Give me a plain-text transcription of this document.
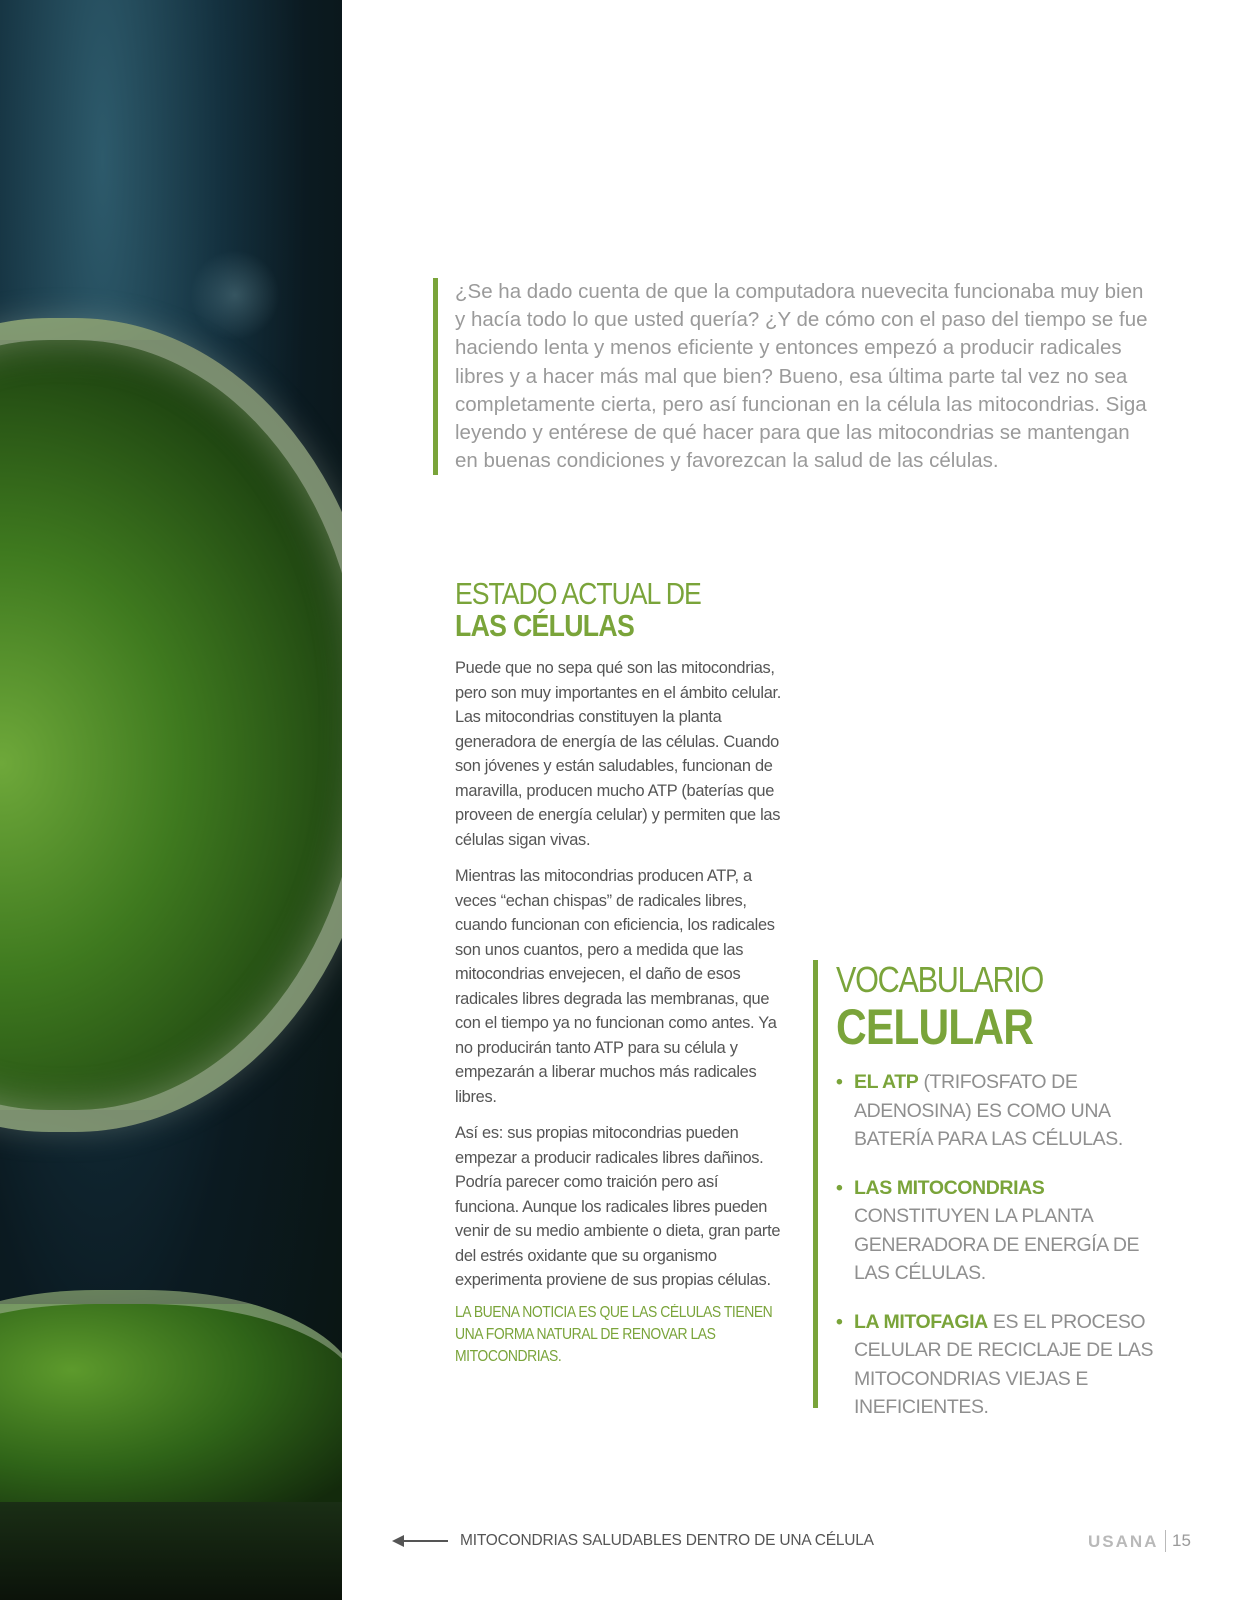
¿Se ha dado cuenta de que la computadora nuevecita funcionaba muy bien y hacía todo lo que usted quería? ¿Y de cómo con el paso del tiempo se fue haciendo lenta y menos eficiente y entonces empezó a producir radicales libres y a hacer más mal que bien? Bueno, esa última parte tal vez no sea completamente cierta, pero así funcionan en la célula las mitocondrias. Siga leyendo y entérese de qué hacer para que las mitocondrias se mantengan en buenas condiciones y favorezcan la salud de las células.

ESTADO ACTUAL DE
LAS CÉLULAS

Puede que no sepa qué son las mitocondrias, pero son muy importantes en el ámbito celular. Las mitocondrias constituyen la planta generadora de energía de las células. Cuando son jóvenes y están saludables, funcionan de maravilla, producen mucho ATP (baterías que proveen de energía celular) y permiten que las células sigan vivas.

Mientras las mitocondrias producen ATP, a veces “echan chispas” de radicales libres, cuando funcionan con eficiencia, los radicales son unos cuantos, pero a medida que las mitocondrias envejecen, el daño de esos radicales libres degrada las membranas, que con el tiempo ya no funcionan como antes. Ya no producirán tanto ATP para su célula y empezarán a liberar muchos más radicales libres.

Así es: sus propias mitocondrias pueden empezar a producir radicales libres dañinos. Podría parecer como traición pero así funciona. Aunque los radicales libres pueden venir de su medio ambiente o dieta, gran parte del estrés oxidante que su organismo experimenta proviene de sus propias células.

LA BUENA NOTICIA ES QUE LAS CÉLULAS TIENEN UNA FORMA NATURAL DE RENOVAR LAS MITOCONDRIAS.
VOCABULARIO
CELULAR
• EL ATP (TRIFOSFATO DE ADENOSINA) ES COMO UNA BATERÍA PARA LAS CÉLULAS.
• LAS MITOCONDRIAS CONSTITUYEN LA PLANTA GENERADORA DE ENERGÍA DE LAS CÉLULAS.
• LA MITOFAGIA ES EL PROCESO CELULAR DE RECICLAJE DE LAS MITOCONDRIAS VIEJAS E INEFICIENTES.
MITOCONDRIAS SALUDABLES DENTRO DE UNA CÉLULA	USANA 15
